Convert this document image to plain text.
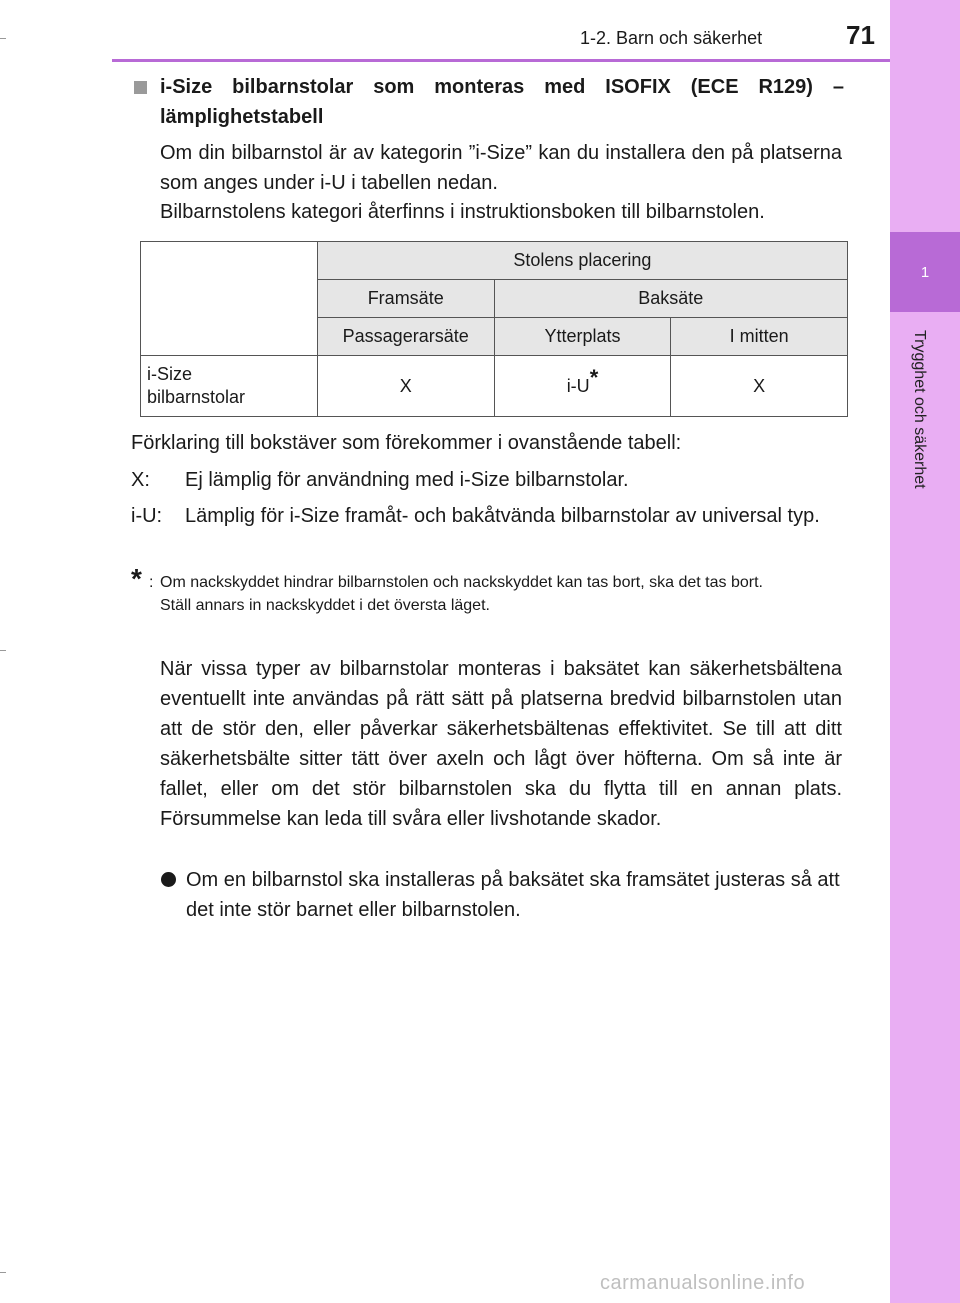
1
Trygghet och säkerhet
1-2. Barn och säkerhet	71
i-Size bilbarnstolar som monteras med ISOFIX (ECE R129) – lämplighetstabell
Om din bilbarnstol är av kategorin ”i-Size” kan du installera den på platserna som anges under i-U i tabellen nedan.
Bilbarnstolens kategori återfinns i instruktionsboken till bilbarnstolen.
	Stolens placering		
	Framsäte	Baksäte	
	Passagerarsäte	Ytterplats	I mitten
i-Size
bilbarnstolar	X	i-U*	X
Förklaring till bokstäver som förekommer i ovanstående tabell:
X: Ej lämplig för användning med i-Size bilbarnstolar.
i-U: Lämplig för i-Size framåt- och bakåtvända bilbarnstolar av universal typ.
* : Om nackskyddet hindrar bilbarnstolen och nackskyddet kan tas bort, ska det tas bort.
Ställ annars in nackskyddet i det översta läget.
När vissa typer av bilbarnstolar monteras i baksätet kan säkerhetsbältena eventuellt inte användas på rätt sätt på platserna bredvid bilbarnstolen utan att de stör den, eller påverkar säkerhetsbältenas effektivitet. Se till att ditt säkerhetsbälte sitter tätt över axeln och lågt över höfterna. Om så inte är fallet, eller om det stör bilbarnstolen ska du flytta till en annan plats. Försummelse kan leda till svåra eller livshotande skador.
Om en bilbarnstol ska installeras på baksätet ska framsätet justeras så att det inte stör barnet eller bilbarnstolen.
carmanualsonline.info
